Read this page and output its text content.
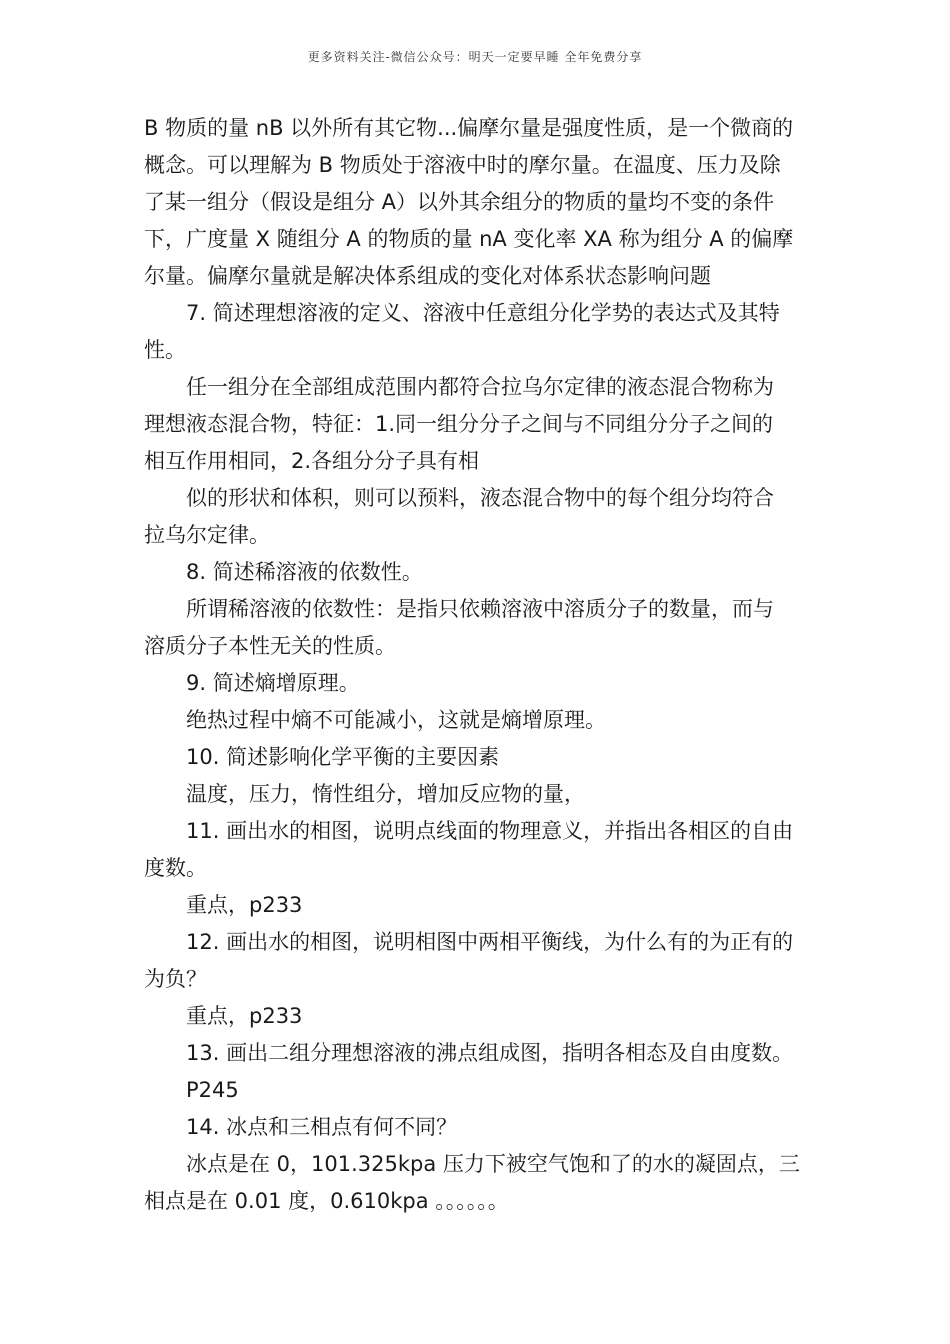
更多资料关注-微信公众号：明天一定要早睡 全年免费分享
B 物质的量 nB 以外所有其它物...偏摩尔量是强度性质，是一个微商的
概念。可以理解为 B 物质处于溶液中时的摩尔量。在温度、压力及除
了某一组分（假设是组分 A）以外其余组分的物质的量均不变的条件
下，广度量 X 随组分 A 的物质的量 nA 变化率 XA 称为组分 A 的偏摩
尔量。偏摩尔量就是解决体系组成的变化对体系状态影响问题
7. 简述理想溶液的定义、溶液中任意组分化学势的表达式及其特
性。
任一组分在全部组成范围内都符合拉乌尔定律的液态混合物称为
理想液态混合物，特征：1.同一组分分子之间与不同组分分子之间的
相互作用相同，2.各组分分子具有相
似的形状和体积，则可以预料，液态混合物中的每个组分均符合
拉乌尔定律。
8. 简述稀溶液的依数性。
所谓稀溶液的依数性：是指只依赖溶液中溶质分子的数量，而与
溶质分子本性无关的性质。
9. 简述熵增原理。
绝热过程中熵不可能减小，这就是熵增原理。
10. 简述影响化学平衡的主要因素
温度，压力，惰性组分，增加反应物的量，
11. 画出水的相图，说明点线面的物理意义，并指出各相区的自由
度数。
重点，p233
12. 画出水的相图，说明相图中两相平衡线，为什么有的为正有的
为负？
重点，p233
13. 画出二组分理想溶液的沸点组成图，指明各相态及自由度数。
P245
14. 冰点和三相点有何不同？
冰点是在 0，101.325kpa 压力下被空气饱和了的水的凝固点，三
相点是在 0.01 度，0.610kpa 。。。。。。
